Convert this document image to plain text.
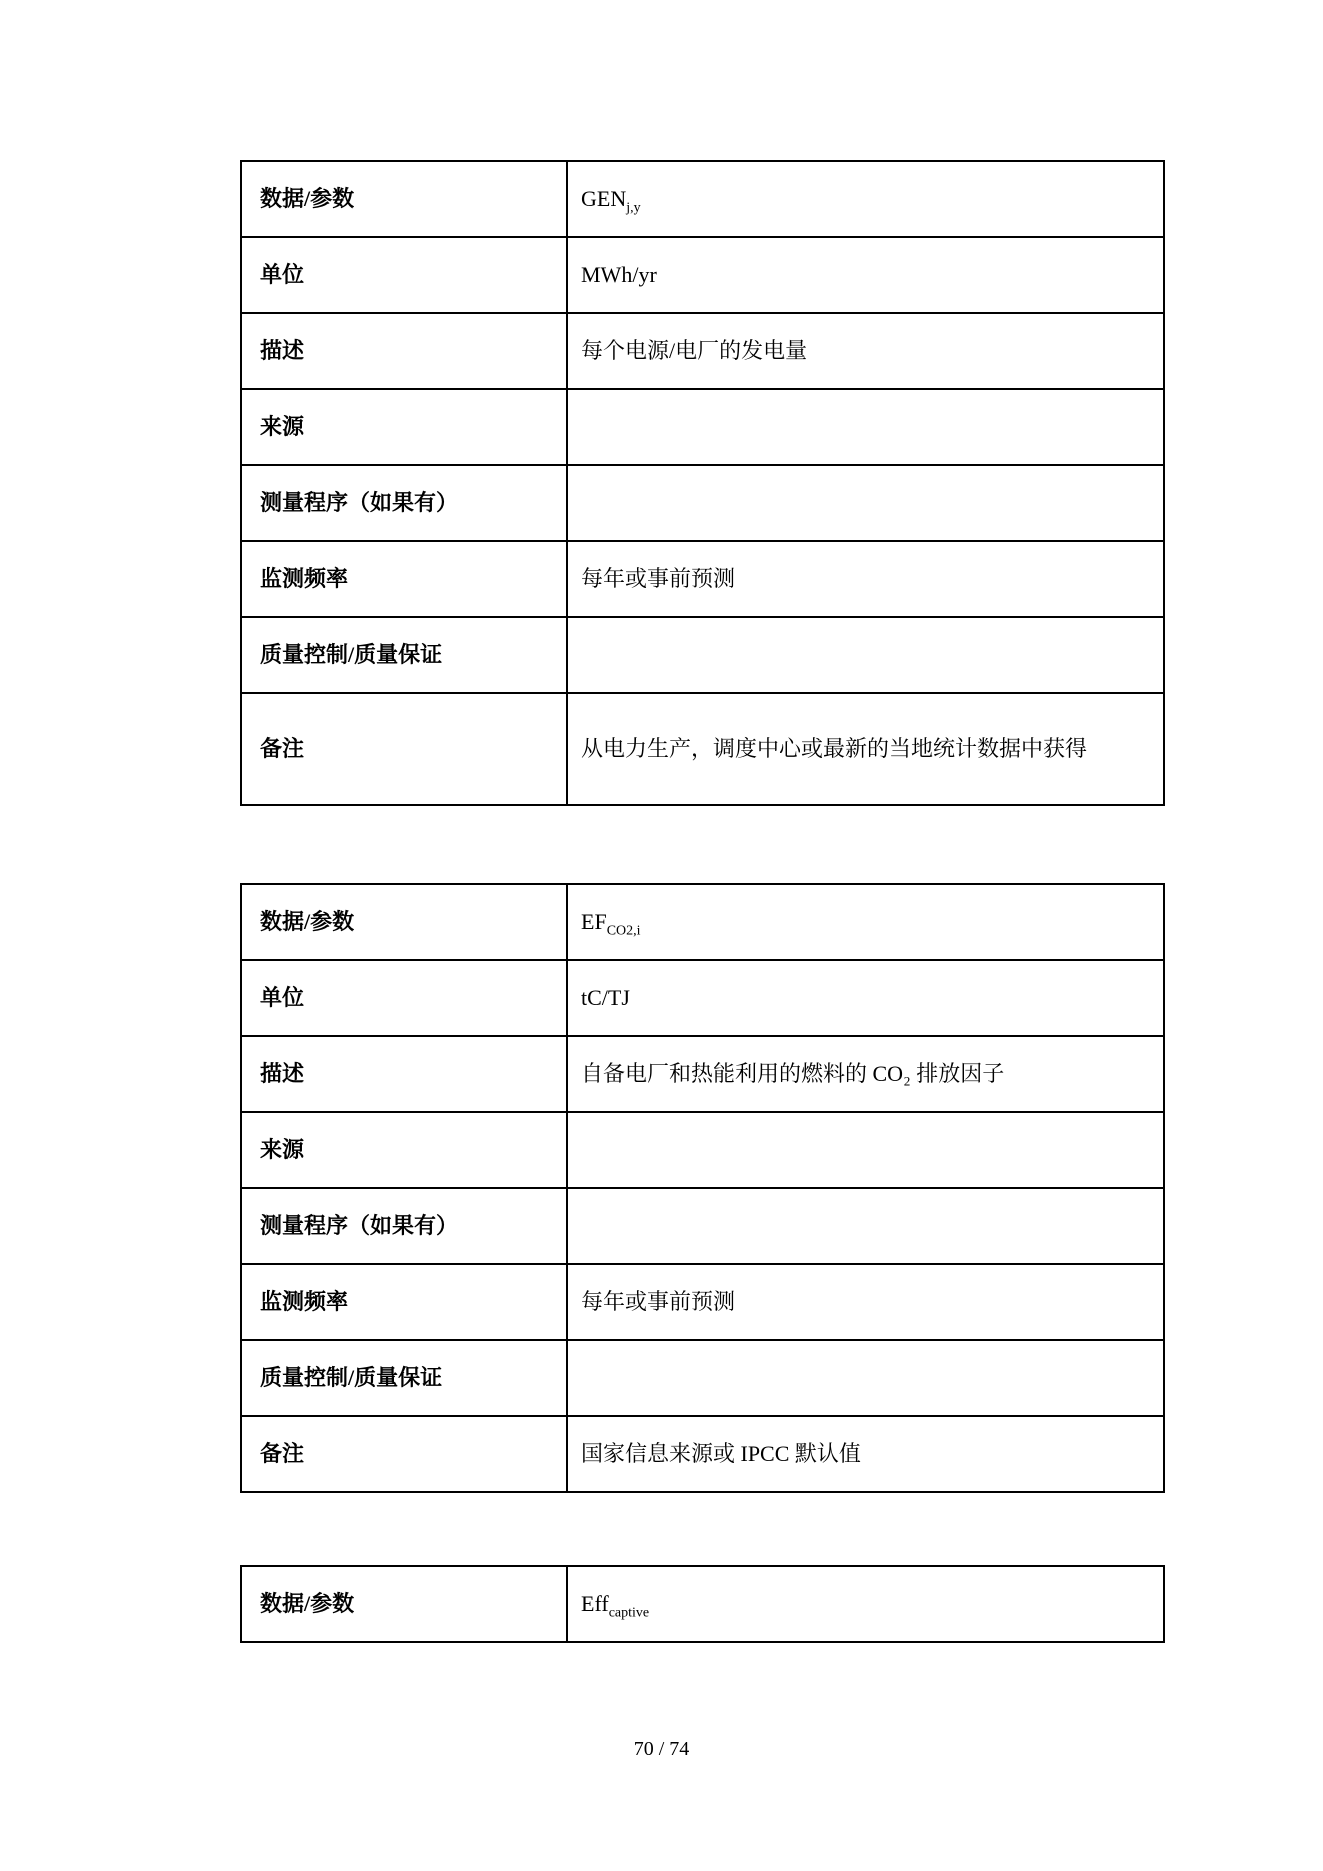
数据/参数	$GEN_{j,y}$
单位	MWh/yr
描述	每个电源/电厂的发电量
来源	
测量程序（如果有）	
监测频率	每年或事前预测
质量控制/质量保证	
备注	从电力生产，调度中心或最新的当地统计数据中获得
数据/参数	$EF_{CO2,i}$
单位	tC/TJ
描述	自备电厂和热能利用的燃料的 CO₂ 排放因子
来源	
测量程序（如果有）	
监测频率	每年或事前预测
质量控制/质量保证	
备注	国家信息来源或 IPCC 默认值
数据/参数	Eff$_{captive}$
70 / 74
